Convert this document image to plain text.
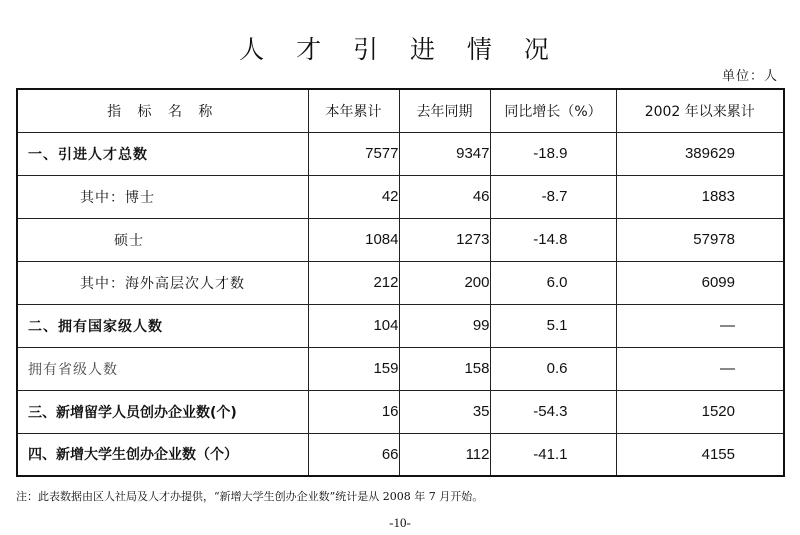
人 才 引 进 情 况
单位：人
指 标 名 称	本年累计	去年同期	同比增长（%）	2002 年以来累计
一、引进人才总数	7577	9347	-18.9	389629
其中：博士	42	46	-8.7	1883
硕士	1084	1273	-14.8	57978
其中：海外高层次人才数	212	200	6.0	6099
二、拥有国家级人数	104	99	5.1	—
拥有省级人数	159	158	0.6	—
三、新增留学人员创办企业数(个)	16	35	-54.3	1520
四、新增大学生创办企业数（个）	66	112	-41.1	4155
注：此表数据由区人社局及人才办提供，“新增大学生创办企业数”统计是从 2008 年 7 月开始。
-10-
